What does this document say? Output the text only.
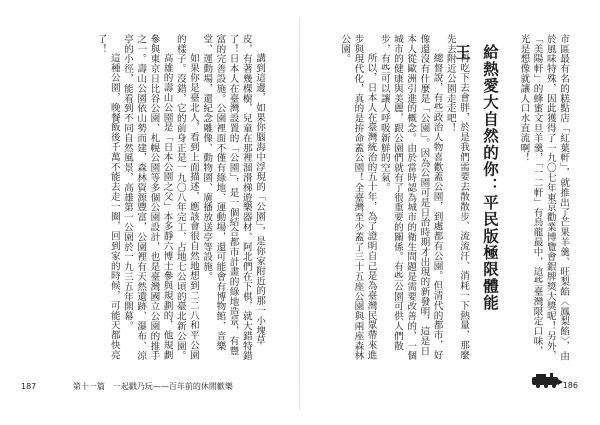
講到這邊，如果你腦海中浮現的「公園」，是你家附近的那一小塊草皮，有著幾棵樹，兒童在那裡溜滑梯遊樂器材、阿北們在下棋，就大錯特錯了！日本人在臺灣設置的「公園」，是一個結合都市計畫的綠地造景，有豐富的完善設施。公園裡面不僅有綠地、運動場，還可能會有博物館、音樂堂、運動場，還紀念雕像、動物園、廣播放送亭等設施。

如果你是臺北人，看到上面描述，應該會很自然地想到二二八和平公園的樣子。沒錯，它的前身正是一九〇八年完工，占地七公頃的臺北新公園。

高雄的壽山公園是「日本公園之父」本多靜六博士參與規劃的，他規劃參與東京日比谷公園、札幌公園等多個公園設計，也是臺灣國立公園的推手之一。壽山公園依山勢而建，森林資源豐富，公園裡有天然遺跡、瀑布、涼亭的小徑，能看到不同自然風景，高雄第一公園於一九三五年開幕。

這種公園，晚餐飯後千萬不能去走一圈，回到家的時候，可能天都快亮了！

187	第十一篇　一起戳乃玩——百年前的休閒歡樂

市區最有名的糕點店「紅葉軒」，就推出了芒果羊羹、旺梨餡〈鳳梨餡〉，由於風味特殊，因此獲得了一九〇七年東京勸業博覽會銀牌獎大獎呢！另外，「美陽軒」的蜂蜜文旦羊羹，「一二軒」有烏龍最中，這些臺灣限定口味，光是想像就讓人口水直流啊！

給熱愛大自然的你：平民版極限體能王

再吃下去會胖，於是我們需要去散散步、流流汗、消耗一下熱量，那麼先去附近公園走走吧！

總督說，有些政治人物喜歡蓋公園，到處都有公園。但清代的都市，好像還沒有什麼是「公園」。因為公園可是日治時期才出現的新發明，這是日本人從歐洲引進的概念。由於當時認為城市的衛生問題是需要改善的，一個城市的健康與美麗，跟公園們就有了很重要的關係。有些公園可供人們散步，有些可以讓人呼吸新鮮的空氣。

所以，日本人在臺灣統治的五十年，為了證明自己是為臺灣民眾帶來進步與現代化，真的是拚命蓋公園！全臺灣至少蓋了三十五座公園與兩座森林公園。

186
